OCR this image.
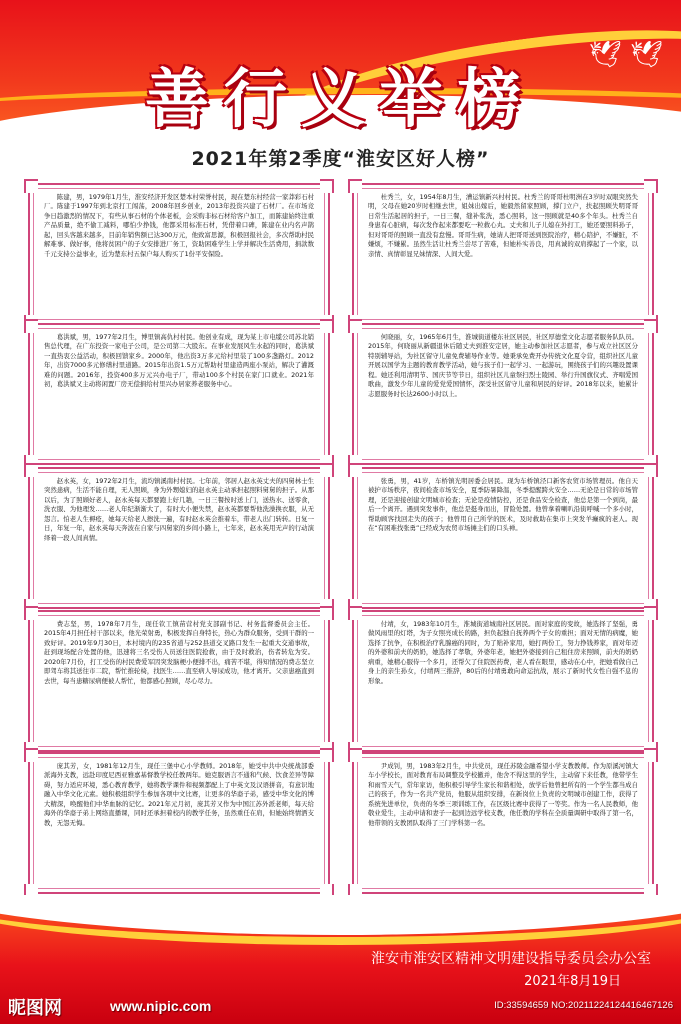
善行义举榜
🕊 🕊
2021年第2季度“淮安区好人榜”
陈建，男，1979年1月生，淮安经济开发区楚本村荣誉村民，现在楚东村经营一家莽彩石村厂。陈建于1997年到北京打工闯荡，2008年回乡创业，2013年投资兴建了石材厂。在市场竞争日趋激烈的情况下，有些从事石材的个体老板，会采购非标石材给客户加工，而陈建始终注重产品质量，绝不偷工减料，哪怕少挣钱，他都采用标准石材，凭借着口碑，陈建在业内名声鹊起，回头客越来越多，目前年销售额已达300万元，他致富思源，积极回报社会，多次帮助村民解难事、做好事，他将贫困户的子女安排进厂务工，资助困难学生上学并解决生活费用，捐款数千元支持公益事业，近为楚东村五保户每人购买了1份平安保险。
杜秀兰，女，1954年8月生，漕运镇新兴村村民。杜秀兰的哥哥杜明洲在3岁时双眼突然失明，父母在她20岁时相继去世，姐妹出嫁后，她毅然留家照顾，撑门立户，扶起照顾失明哥哥日常生活起居的担子，一日三餐，缝补浆洗，悉心照料，这一照顾就是40多个年头。杜秀兰自身患有心脏病，每次发作起来都要吃一粒救心丸。丈夫和儿子儿媳在外打工，她还要照料孙子，但对哥哥的照顾一直没有怠慢。哥哥生病，她请人把哥哥送到医院治疗，精心陪护，不嫌脏，不嫌烦，不嫌累。虽然生活让杜秀兰尝尽了苦难，但她朴实善良，用真诚的双肩撑起了一个家，以亲情、真情彰显兄妹情深、人间大爱。
葛洪斌，男，1977年2月生，博里镇高仇村村民。他创业有成，现为某上市电缆公司苏北销售总代理，在广东投资一家电子公司，是公司第二大股东。在事业发展风生水起的同时，葛洪斌一直热衷公益活动，积极回馈家乡。2000年，他出资3万多元给村里装了100多盏路灯。2012年，出资7000多元修缮村里道路。2015年出资1.5万元帮助村里建造两座小泵站，解决了灌溉难的问题。2016年，投资400多万元兴办电子厂，带动100多个村民在家门口就业。2021年初，葛洪斌又主动将闲置厂房无偿捐给村里兴办居家养老服务中心。
何晓丽，女，1965年6月生，淮城街道楼东社区居民，社区厚德堂文化志愿者服务队队员。2015年，何晓丽从新疆退休后随丈夫到淮安定居，她主动参加社区志愿者，参与成立社区区分特别辅导站，为社区留守儿童免费辅导作业等。她秉承免费开办传统文化夏令营，组织社区儿童开展以国学为主题的教育教学活动，她与孩子们一起学习、一起游玩，围绕孩子们的兴趣设置课程。她还利用清明节、国庆节等节日，组织社区儿童祭扫烈士陵园、举行升国旗仪式、齐唱爱国歌曲，激发少年儿童的爱党爱国情怀，深受社区留守儿童和居民的好评。2018年以来，她累计志愿服务时长达2600小时以上。
赵永英，女，1972年2月生，流均镇溪南村村民。七年前，邻居人赵永英丈夫的四舅林士生突然患病，生活不能自理，无人照顾，身为外甥媳妇的赵永英主动承担起照料舅舅的担子。从那以后，为了照顾好老人，赵永英每天都要跑上好几趟，一日三餐按时送上门，送热水、送零食，洗衣服、为他理发……老人年纪渐渐大了，有时大小便失禁，赵永英都要帮他洗澡换衣服，从无怨言。怕老人生褥疮，她每天给老人擦洗一遍，有时赵永英会推着车，带老人出门转转。日复一日，年复一年，赵永英每天奔波在自家与四舅家的乡间小路上，七年来，赵永英用无声的行动演绎着一段人间真情。
张勇，男，41岁，车桥镇光明居委会居民。现为车桥镇泾口新客农贸市场管理员。他自天被护市场秩序，夜间检查市场安全，夏季防暑降温，冬季提醒跨火安全……无论是日常的市场管理，还是迎接创建文明城市检查；无论是疫情防控，还是食品安全检查，他总是第一个到岗，最后一个离开。遇到突发事件，他总是挺身而出，冒险处置。他曾拿着喇叭沿街呼喊一个多小时，帮助顾客找回走失的孩子；他曾用自己所学的医术，及时救助在集市上突发羊癫疯的老人。现在“有困难找张勇”已经成为农贸市场摊主们的口头禅。
费志坚，男，1978年7月生，现任钦工镇苗营村党支部副书记、村务监督委员会主任。2015年4月担任村干部以来，他光荣射勇，积极发挥自身特长，热心为群众服务，受到干群的一致好评。2019年9月30日，本村境内的235省道与252县道交叉路口发生一起重大交通事故，赶到现场配合处置的他，迅速将三名受伤人员送往医院抢救，由于及时救治，伤者转危为安。2020年7月份，打工受伤的村民费爱军因突发脑梗小便排不出，痛苦不堪，得知情况的费志坚立即驾车将其送往市二院，帮忙推轮椅，找医生……直至病人导尿成功，他才离开。父亲患癌直到去世，每当患糖尿病便被人帮忙，他都感心照顾，尽心尽力。
付靖，女，1983年10月生，淮城街道城南社区居民。面对家庭的变故，她选择了坚强，勇做风雨里的灯塔，为子女照亮成长的路，担负起独自抚养两个子女的重担；面对无情的病魔，她选择了抗争，在积极治疗乳腺癌的同时，为了贴补家用，她打两份工，努力挣钱养家，面对年迈的外婆和前夫的奶奶，她选择了孝敬，外婆年老，她把外婆接到自己租住房来照顾，前夫的奶奶病重，她精心服侍一个多月，还帮欠了住院医药费，老人看在眼里，感动在心中，把她看做自己身上的亲生孙女，付靖两三推辞，80后的付靖勇敢向命运抗战，展示了新时代女性自强不息的形象。
庞其芳，女，1981年12月生，现任三堡中心小学教师。2018年，她受中共中央统战部委派海外支教，远赴印度尼西亚雅嘉基督教学校任教两年。她克服语言不通和气候、饮食差异等障碍，努力适应环境，悉心教育教学，她将教学课件和视频都配上了中英文及汉语拼音，有意识地融入中华文化元素。她积极组织学生参加各项中文比赛，让更多的华裔子弟，感受中华文化的博大精深，唤醒他们中华血脉的记忆。2021年元月初，庞其芳又作为中国江苏外派老师，每天给海外的华裔子弟上网络直播课，同时还承担着校内的教学任务，虽然重任在肩，但她始终情洒支教，无怨无悔。
尹成钊，男，1983年2月生，中共党员，现任苏陵金融希望小学支教教师。作为原溪河镇大车小学校长，面对教育布局调整及学校撤并，他舍不得这里的学生，主动留下来任教，他带学生和雨雪天气，常年家访，他积极引导学生家长和谐相处，放学后他曾把所有的一个学生都当成自己的孩子，作为一名共产党员，他服从组织安排，在新岗位上负责的文明城市创建工作，获得了系统先进单位，负责的冬季三项训练工作，在区级比赛中获得了一等奖。作为一名人民教师，他敬业爱生，主动申请和妻子一起到边远学校支教，他任教的学科在全质量调研中取得了第一名，他带领的支教团队取得了三门学科第一名。
淮安市淮安区精神文明建设指导委员会办公室
2021年8月19日
昵图网	www.nipic.com	ID:33594659 NO:20211224124416467126
